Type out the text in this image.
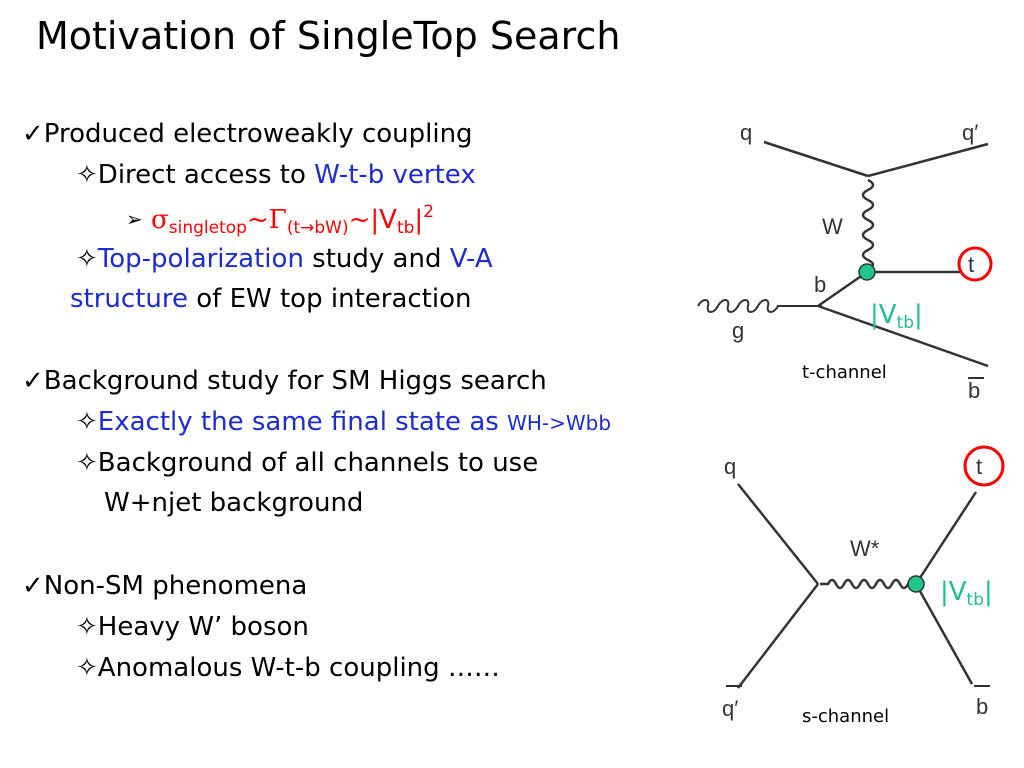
Motivation of SingleTop Search
✓Produced electroweakly coupling
✧Direct access to W-t-b vertex
➢ $\sigma_{singletop}\sim\Gamma_{(t\to bW)}\sim|V_{tb}|^2$
✧Top-polarization study and V-A
structure of EW top interaction
✓Background study for SM Higgs search
✧Exactly the same final state as WH->Wbb
✧Background of all channels to use
W+njet background
✓Non-SM phenomena
✧Heavy W’ boson
✧Anomalous W-t-b coupling ……
q	q′
W
b
g
t
b
|Vtb|
t-channel
q
q′
W*
t
b
|Vtb|
s-channel
